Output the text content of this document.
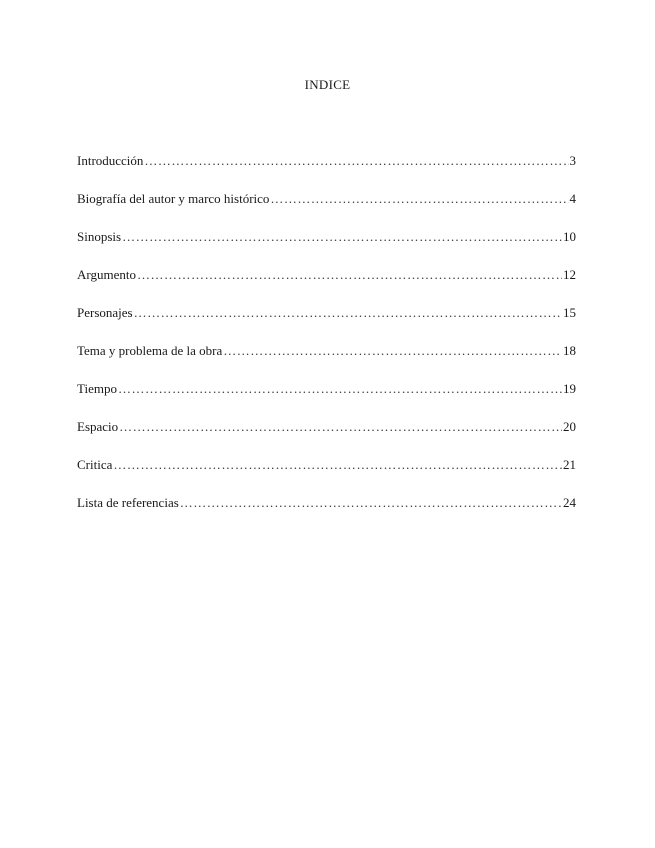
INDICE
Introducción ……………………………………………………………………………………………………………………………………………………………………………………	3
Biografía del autor y marco histórico ……………………………………………………………………………………………………………………………………………………………………………………	4
Sinopsis ……………………………………………………………………………………………………………………………………………………………………………………	10
Argumento ……………………………………………………………………………………………………………………………………………………………………………………	12
Personajes ……………………………………………………………………………………………………………………………………………………………………………………	15
Tema y problema de la obra ……………………………………………………………………………………………………………………………………………………………………………………	18
Tiempo ……………………………………………………………………………………………………………………………………………………………………………………	19
Espacio ……………………………………………………………………………………………………………………………………………………………………………………	20
Critica ……………………………………………………………………………………………………………………………………………………………………………………	21
Lista de referencias ……………………………………………………………………………………………………………………………………………………………………………………	24
